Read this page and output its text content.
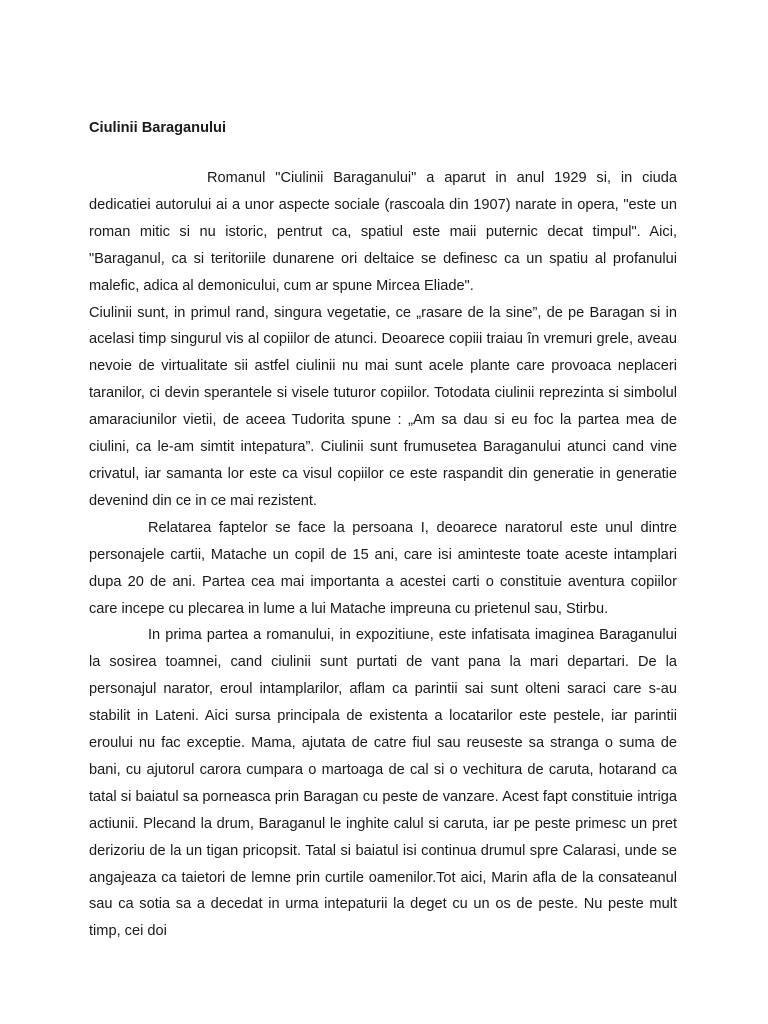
Ciulinii Baraganului

Romanul "Ciulinii Baraganului" a aparut in anul 1929 si, in ciuda dedicatiei autorului ai a unor aspecte sociale (rascoala din 1907) narate in opera, "este un roman mitic si nu istoric, pentrut ca, spatiul este maii puternic decat timpul". Aici, "Baraganul, ca si teritoriile dunarene ori deltaice se definesc ca un spatiu al profanului malefic, adica al demonicului, cum ar spune Mircea Eliade".

Ciulinii sunt, in primul rand, singura vegetatie, ce „rasare de la sine”, de pe Baragan si in acelasi timp singurul vis al copiilor de atunci. Deoarece copiii traiau în vremuri grele, aveau nevoie de virtualitate sii astfel ciulinii nu mai sunt acele plante care provoaca neplaceri taranilor, ci devin sperantele si visele tuturor copiilor. Totodata ciulinii reprezinta si simbolul amaraciunilor vietii, de aceea Tudorita spune : „Am sa dau si eu foc la partea mea de ciulini, ca le-am simtit intepatura”. Ciulinii sunt frumusetea Baraganului atunci cand vine crivatul, iar samanta lor este ca visul copiilor ce este raspandit din generatie in generatie devenind din ce in ce mai rezistent.

Relatarea faptelor se face la persoana I, deoarece naratorul este unul dintre personajele cartii, Matache un copil de 15 ani, care isi aminteste toate aceste intamplari dupa 20 de ani. Partea cea mai importanta a acestei carti o constituie aventura copiilor care incepe cu plecarea in lume a lui Matache impreuna cu prietenul sau, Stirbu.

In prima partea a romanului, in expozitiune, este infatisata imaginea Baraganului la sosirea toamnei, cand ciulinii sunt purtati de vant pana la mari departari. De la personajul narator, eroul intamplarilor, aflam ca parintii sai sunt olteni saraci care s-au stabilit in Lateni. Aici sursa principala de existenta a locatarilor este pestele, iar parintii eroului nu fac exceptie. Mama, ajutata de catre fiul sau reuseste sa stranga o suma de bani, cu ajutorul carora cumpara o martoaga de cal si o vechitura de caruta, hotarand ca tatal si baiatul sa porneasca prin Baragan cu peste de vanzare. Acest fapt constituie intriga actiunii. Plecand la drum, Baraganul le inghite calul si caruta, iar pe peste primesc un pret derizoriu de la un tigan pricopsit. Tatal si baiatul isi continua drumul spre Calarasi, unde se angajeaza ca taietori de lemne prin curtile oamenilor.Tot aici, Marin afla de la consateanul sau ca sotia sa a decedat in urma intepaturii la deget cu un os de peste. Nu peste mult timp, cei doi
